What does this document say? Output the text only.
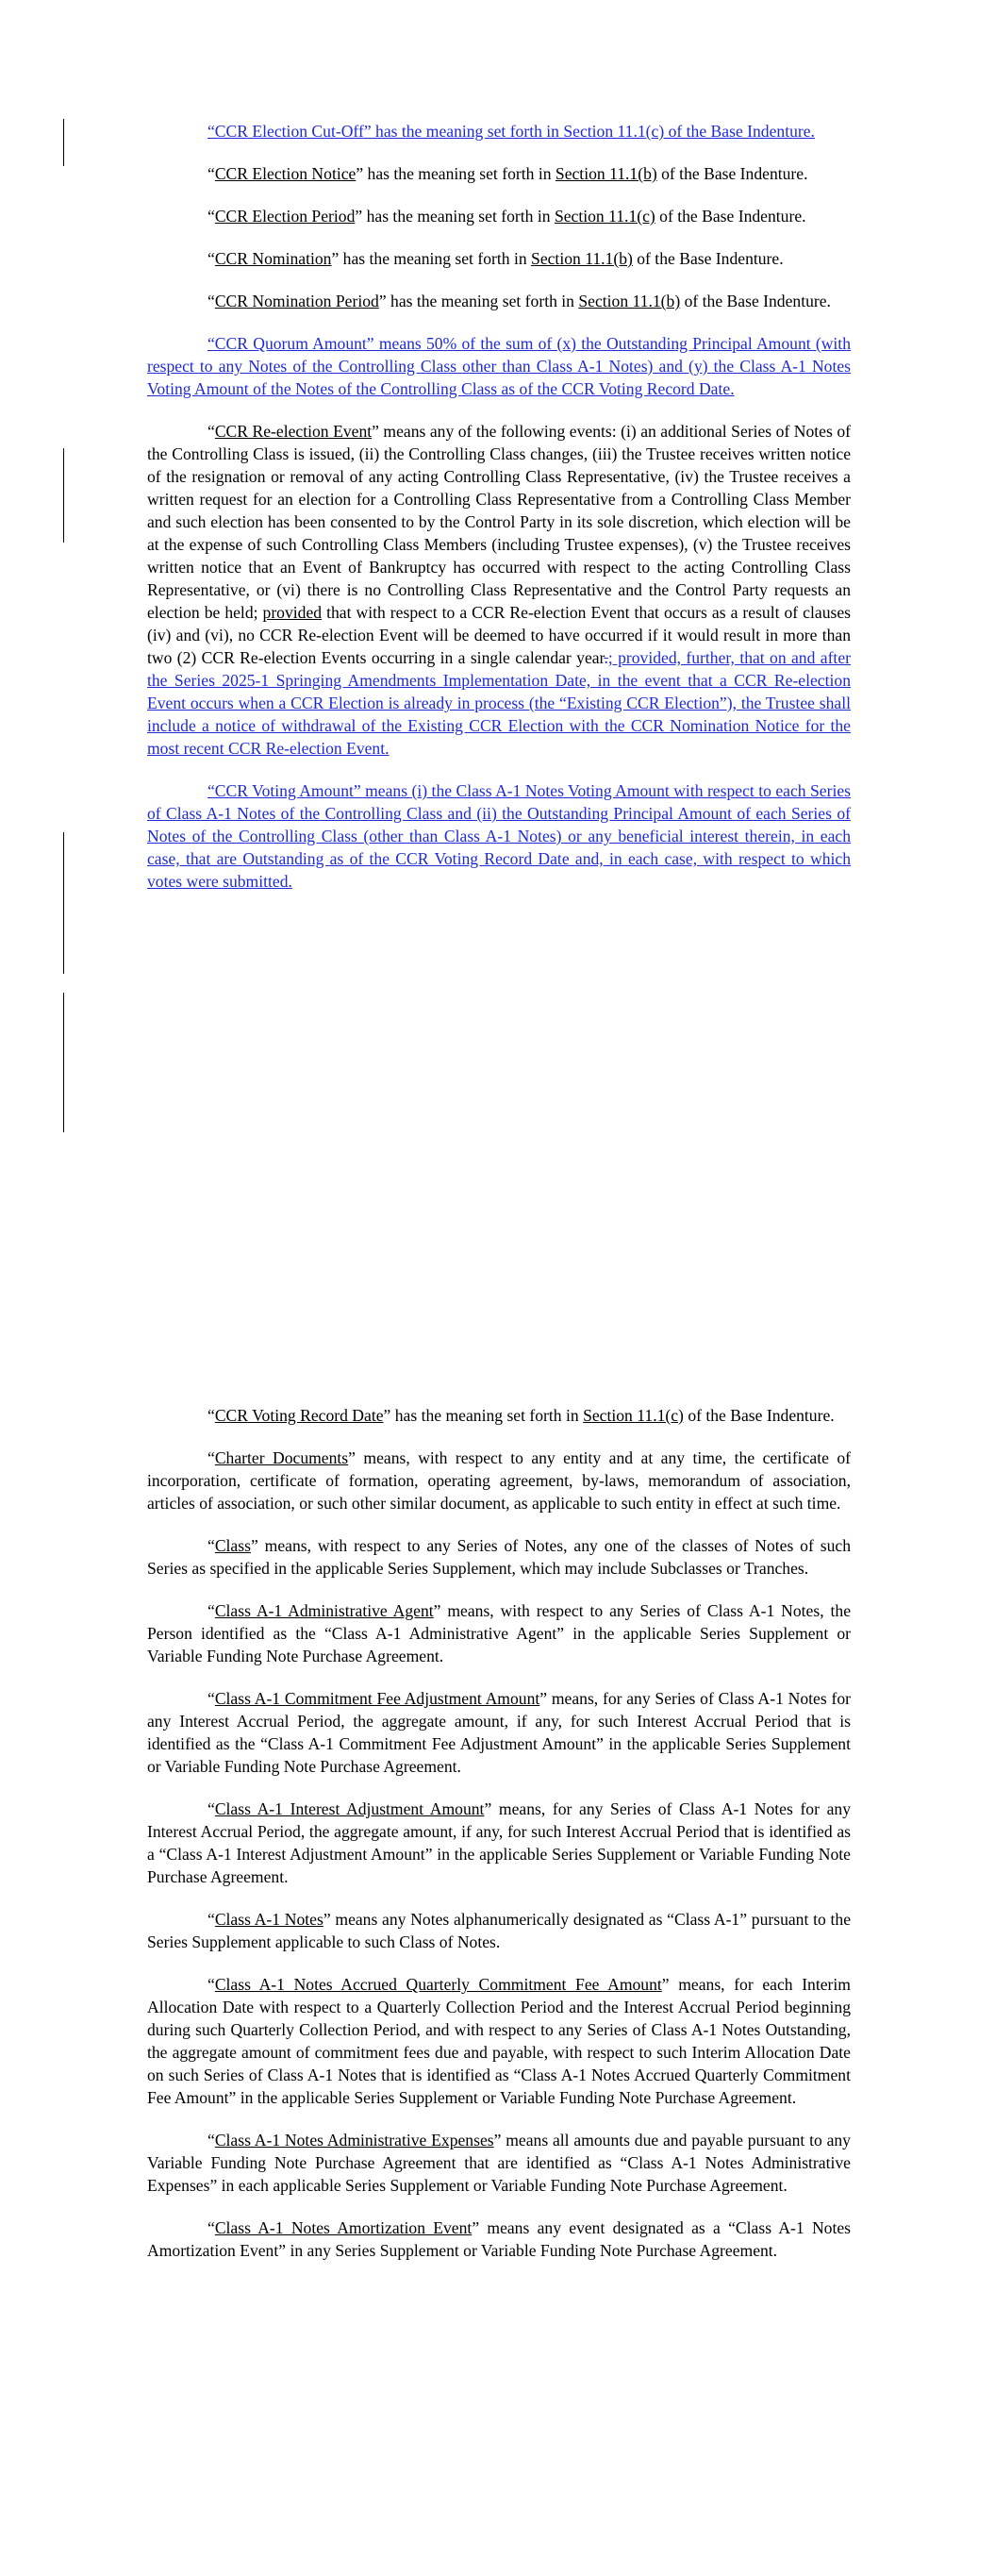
“CCR Election Cut-Off” has the meaning set forth in Section 11.1(c) of the Base Indenture.

“CCR Election Notice” has the meaning set forth in Section 11.1(b) of the Base Indenture.

“CCR Election Period” has the meaning set forth in Section 11.1(c) of the Base Indenture.

“CCR Nomination” has the meaning set forth in Section 11.1(b) of the Base Indenture.

“CCR Nomination Period” has the meaning set forth in Section 11.1(b) of the Base Indenture.

“CCR Quorum Amount” means 50% of the sum of (x) the Outstanding Principal Amount (with respect to any Notes of the Controlling Class other than Class A-1 Notes) and (y) the Class A-1 Notes Voting Amount of the Notes of the Controlling Class as of the CCR Voting Record Date.

“CCR Re-election Event” means any of the following events: (i) an additional Series of Notes of the Controlling Class is issued, (ii) the Controlling Class changes, (iii) the Trustee receives written notice of the resignation or removal of any acting Controlling Class Representative, (iv) the Trustee receives a written request for an election for a Controlling Class Representative from a Controlling Class Member and such election has been consented to by the Control Party in its sole discretion, which election will be at the expense of such Controlling Class Members (including Trustee expenses), (v) the Trustee receives written notice that an Event of Bankruptcy has occurred with respect to the acting Controlling Class Representative, or (vi) there is no Controlling Class Representative and the Control Party requests an election be held; provided that with respect to a CCR Re-election Event that occurs as a result of clauses (iv) and (vi), no CCR Re-election Event will be deemed to have occurred if it would result in more than two (2) CCR Re-election Events occurring in a single calendar year.; provided, further, that on and after the Series 2025-1 Springing Amendments Implementation Date, in the event that a CCR Re-election Event occurs when a CCR Election is already in process (the “Existing CCR Election”), the Trustee shall include a notice of withdrawal of the Existing CCR Election with the CCR Nomination Notice for the most recent CCR Re-election Event.

“CCR Voting Amount” means (i) the Class A-1 Notes Voting Amount with respect to each Series of Class A-1 Notes of the Controlling Class and (ii) the Outstanding Principal Amount of each Series of Notes of the Controlling Class (other than Class A-1 Notes) or any beneficial interest therein, in each case, that are Outstanding as of the CCR Voting Record Date and, in each case, with respect to which votes were submitted.

“CCR Voting Record Date” has the meaning set forth in Section 11.1(c) of the Base Indenture.

“Charter Documents” means, with respect to any entity and at any time, the certificate of incorporation, certificate of formation, operating agreement, by-laws, memorandum of association, articles of association, or such other similar document, as applicable to such entity in effect at such time.

“Class” means, with respect to any Series of Notes, any one of the classes of Notes of such Series as specified in the applicable Series Supplement, which may include Subclasses or Tranches.

“Class A-1 Administrative Agent” means, with respect to any Series of Class A-1 Notes, the Person identified as the “Class A-1 Administrative Agent” in the applicable Series Supplement or Variable Funding Note Purchase Agreement.

“Class A-1 Commitment Fee Adjustment Amount” means, for any Series of Class A-1 Notes for any Interest Accrual Period, the aggregate amount, if any, for such Interest Accrual Period that is identified as the “Class A-1 Commitment Fee Adjustment Amount” in the applicable Series Supplement or Variable Funding Note Purchase Agreement.

“Class A-1 Interest Adjustment Amount” means, for any Series of Class A-1 Notes for any Interest Accrual Period, the aggregate amount, if any, for such Interest Accrual Period that is identified as a “Class A-1 Interest Adjustment Amount” in the applicable Series Supplement or Variable Funding Note Purchase Agreement.

“Class A-1 Notes” means any Notes alphanumerically designated as “Class A-1” pursuant to the Series Supplement applicable to such Class of Notes.

“Class A-1 Notes Accrued Quarterly Commitment Fee Amount” means, for each Interim Allocation Date with respect to a Quarterly Collection Period and the Interest Accrual Period beginning during such Quarterly Collection Period, and with respect to any Series of Class A-1 Notes Outstanding, the aggregate amount of commitment fees due and payable, with respect to such Interim Allocation Date on such Series of Class A-1 Notes that is identified as “Class A-1 Notes Accrued Quarterly Commitment Fee Amount” in the applicable Series Supplement or Variable Funding Note Purchase Agreement.

“Class A-1 Notes Administrative Expenses” means all amounts due and payable pursuant to any Variable Funding Note Purchase Agreement that are identified as “Class A-1 Notes Administrative Expenses” in each applicable Series Supplement or Variable Funding Note Purchase Agreement.

“Class A-1 Notes Amortization Event” means any event designated as a “Class A-1 Notes Amortization Event” in any Series Supplement or Variable Funding Note Purchase Agreement.
